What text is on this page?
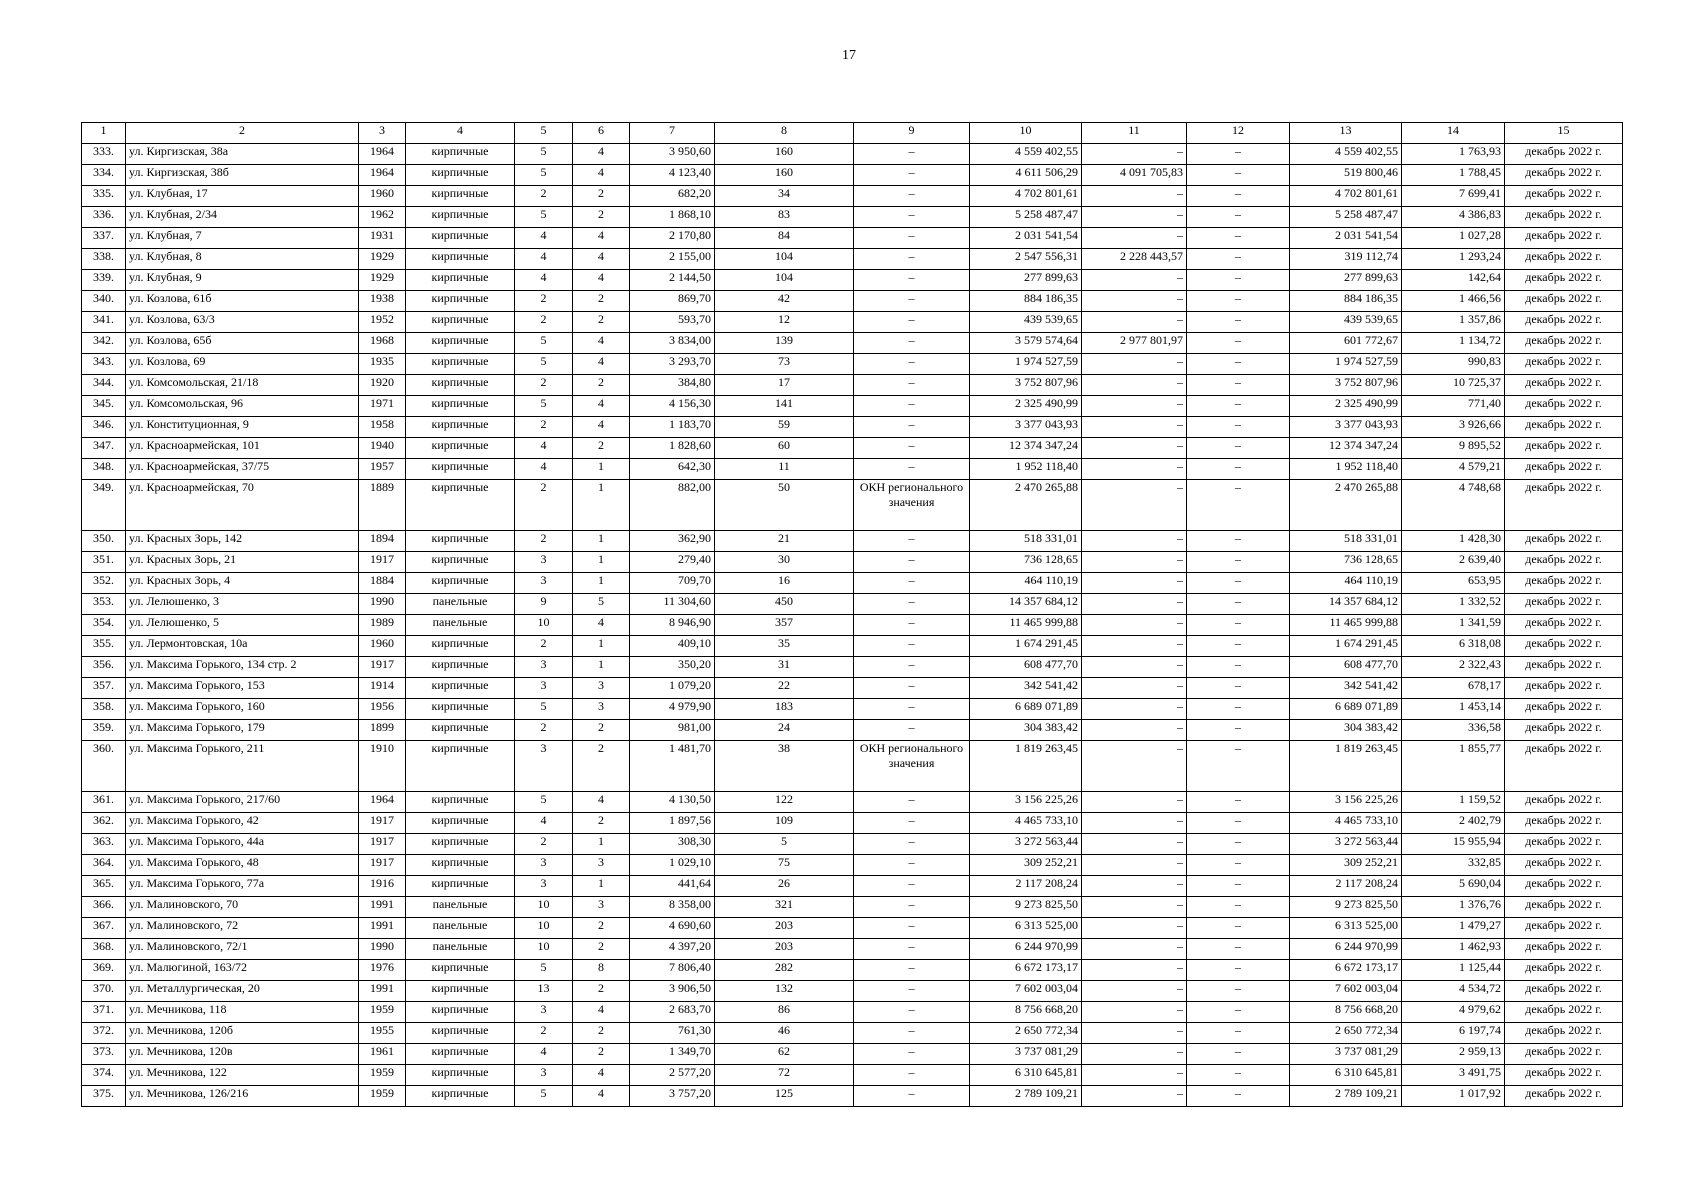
17
1	2	3	4	5	6	7	8	9	10	11	12	13	14	15
333.	ул. Киргизская, 38а	1964	кирпичные	5	4	3 950,60	160	–	4 559 402,55	–	–	4 559 402,55	1 763,93	декабрь 2022 г.
334.	ул. Киргизская, 38б	1964	кирпичные	5	4	4 123,40	160	–	4 611 506,29	4 091 705,83	–	519 800,46	1 788,45	декабрь 2022 г.
335.	ул. Клубная, 17	1960	кирпичные	2	2	682,20	34	–	4 702 801,61	–	–	4 702 801,61	7 699,41	декабрь 2022 г.
336.	ул. Клубная, 2/34	1962	кирпичные	5	2	1 868,10	83	–	5 258 487,47	–	–	5 258 487,47	4 386,83	декабрь 2022 г.
337.	ул. Клубная, 7	1931	кирпичные	4	4	2 170,80	84	–	2 031 541,54	–	–	2 031 541,54	1 027,28	декабрь 2022 г.
338.	ул. Клубная, 8	1929	кирпичные	4	4	2 155,00	104	–	2 547 556,31	2 228 443,57	–	319 112,74	1 293,24	декабрь 2022 г.
339.	ул. Клубная, 9	1929	кирпичные	4	4	2 144,50	104	–	277 899,63	–	–	277 899,63	142,64	декабрь 2022 г.
340.	ул. Козлова, 61б	1938	кирпичные	2	2	869,70	42	–	884 186,35	–	–	884 186,35	1 466,56	декабрь 2022 г.
341.	ул. Козлова, 63/3	1952	кирпичные	2	2	593,70	12	–	439 539,65	–	–	439 539,65	1 357,86	декабрь 2022 г.
342.	ул. Козлова, 65б	1968	кирпичные	5	4	3 834,00	139	–	3 579 574,64	2 977 801,97	–	601 772,67	1 134,72	декабрь 2022 г.
343.	ул. Козлова, 69	1935	кирпичные	5	4	3 293,70	73	–	1 974 527,59	–	–	1 974 527,59	990,83	декабрь 2022 г.
344.	ул. Комсомольская, 21/18	1920	кирпичные	2	2	384,80	17	–	3 752 807,96	–	–	3 752 807,96	10 725,37	декабрь 2022 г.
345.	ул. Комсомольская, 96	1971	кирпичные	5	4	4 156,30	141	–	2 325 490,99	–	–	2 325 490,99	771,40	декабрь 2022 г.
346.	ул. Конституционная, 9	1958	кирпичные	2	4	1 183,70	59	–	3 377 043,93	–	–	3 377 043,93	3 926,66	декабрь 2022 г.
347.	ул. Красноармейская, 101	1940	кирпичные	4	2	1 828,60	60	–	12 374 347,24	–	–	12 374 347,24	9 895,52	декабрь 2022 г.
348.	ул. Красноармейская, 37/75	1957	кирпичные	4	1	642,30	11	–	1 952 118,40	–	–	1 952 118,40	4 579,21	декабрь 2022 г.
349.	ул. Красноармейская, 70	1889	кирпичные	2	1	882,00	50	ОКН регионального значения	2 470 265,88	–	–	2 470 265,88	4 748,68	декабрь 2022 г.
350.	ул. Красных Зорь, 142	1894	кирпичные	2	1	362,90	21	–	518 331,01	–	–	518 331,01	1 428,30	декабрь 2022 г.
351.	ул. Красных Зорь, 21	1917	кирпичные	3	1	279,40	30	–	736 128,65	–	–	736 128,65	2 639,40	декабрь 2022 г.
352.	ул. Красных Зорь, 4	1884	кирпичные	3	1	709,70	16	–	464 110,19	–	–	464 110,19	653,95	декабрь 2022 г.
353.	ул. Лелюшенко, 3	1990	панельные	9	5	11 304,60	450	–	14 357 684,12	–	–	14 357 684,12	1 332,52	декабрь 2022 г.
354.	ул. Лелюшенко, 5	1989	панельные	10	4	8 946,90	357	–	11 465 999,88	–	–	11 465 999,88	1 341,59	декабрь 2022 г.
355.	ул. Лермонтовская, 10а	1960	кирпичные	2	1	409,10	35	–	1 674 291,45	–	–	1 674 291,45	6 318,08	декабрь 2022 г.
356.	ул. Максима Горького, 134 стр. 2	1917	кирпичные	3	1	350,20	31	–	608 477,70	–	–	608 477,70	2 322,43	декабрь 2022 г.
357.	ул. Максима Горького, 153	1914	кирпичные	3	3	1 079,20	22	–	342 541,42	–	–	342 541,42	678,17	декабрь 2022 г.
358.	ул. Максима Горького, 160	1956	кирпичные	5	3	4 979,90	183	–	6 689 071,89	–	–	6 689 071,89	1 453,14	декабрь 2022 г.
359.	ул. Максима Горького, 179	1899	кирпичные	2	2	981,00	24	–	304 383,42	–	–	304 383,42	336,58	декабрь 2022 г.
360.	ул. Максима Горького, 211	1910	кирпичные	3	2	1 481,70	38	ОКН регионального значения	1 819 263,45	–	–	1 819 263,45	1 855,77	декабрь 2022 г.
361.	ул. Максима Горького, 217/60	1964	кирпичные	5	4	4 130,50	122	–	3 156 225,26	–	–	3 156 225,26	1 159,52	декабрь 2022 г.
362.	ул. Максима Горького, 42	1917	кирпичные	4	2	1 897,56	109	–	4 465 733,10	–	–	4 465 733,10	2 402,79	декабрь 2022 г.
363.	ул. Максима Горького, 44а	1917	кирпичные	2	1	308,30	5	–	3 272 563,44	–	–	3 272 563,44	15 955,94	декабрь 2022 г.
364.	ул. Максима Горького, 48	1917	кирпичные	3	3	1 029,10	75	–	309 252,21	–	–	309 252,21	332,85	декабрь 2022 г.
365.	ул. Максима Горького, 77а	1916	кирпичные	3	1	441,64	26	–	2 117 208,24	–	–	2 117 208,24	5 690,04	декабрь 2022 г.
366.	ул. Малиновского, 70	1991	панельные	10	3	8 358,00	321	–	9 273 825,50	–	–	9 273 825,50	1 376,76	декабрь 2022 г.
367.	ул. Малиновского, 72	1991	панельные	10	2	4 690,60	203	–	6 313 525,00	–	–	6 313 525,00	1 479,27	декабрь 2022 г.
368.	ул. Малиновского, 72/1	1990	панельные	10	2	4 397,20	203	–	6 244 970,99	–	–	6 244 970,99	1 462,93	декабрь 2022 г.
369.	ул. Малюгиной, 163/72	1976	кирпичные	5	8	7 806,40	282	–	6 672 173,17	–	–	6 672 173,17	1 125,44	декабрь 2022 г.
370.	ул. Металлургическая, 20	1991	кирпичные	13	2	3 906,50	132	–	7 602 003,04	–	–	7 602 003,04	4 534,72	декабрь 2022 г.
371.	ул. Мечникова, 118	1959	кирпичные	3	4	2 683,70	86	–	8 756 668,20	–	–	8 756 668,20	4 979,62	декабрь 2022 г.
372.	ул. Мечникова, 120б	1955	кирпичные	2	2	761,30	46	–	2 650 772,34	–	–	2 650 772,34	6 197,74	декабрь 2022 г.
373.	ул. Мечникова, 120в	1961	кирпичные	4	2	1 349,70	62	–	3 737 081,29	–	–	3 737 081,29	2 959,13	декабрь 2022 г.
374.	ул. Мечникова, 122	1959	кирпичные	3	4	2 577,20	72	–	6 310 645,81	–	–	6 310 645,81	3 491,75	декабрь 2022 г.
375.	ул. Мечникова, 126/216	1959	кирпичные	5	4	3 757,20	125	–	2 789 109,21	–	–	2 789 109,21	1 017,92	декабрь 2022 г.
